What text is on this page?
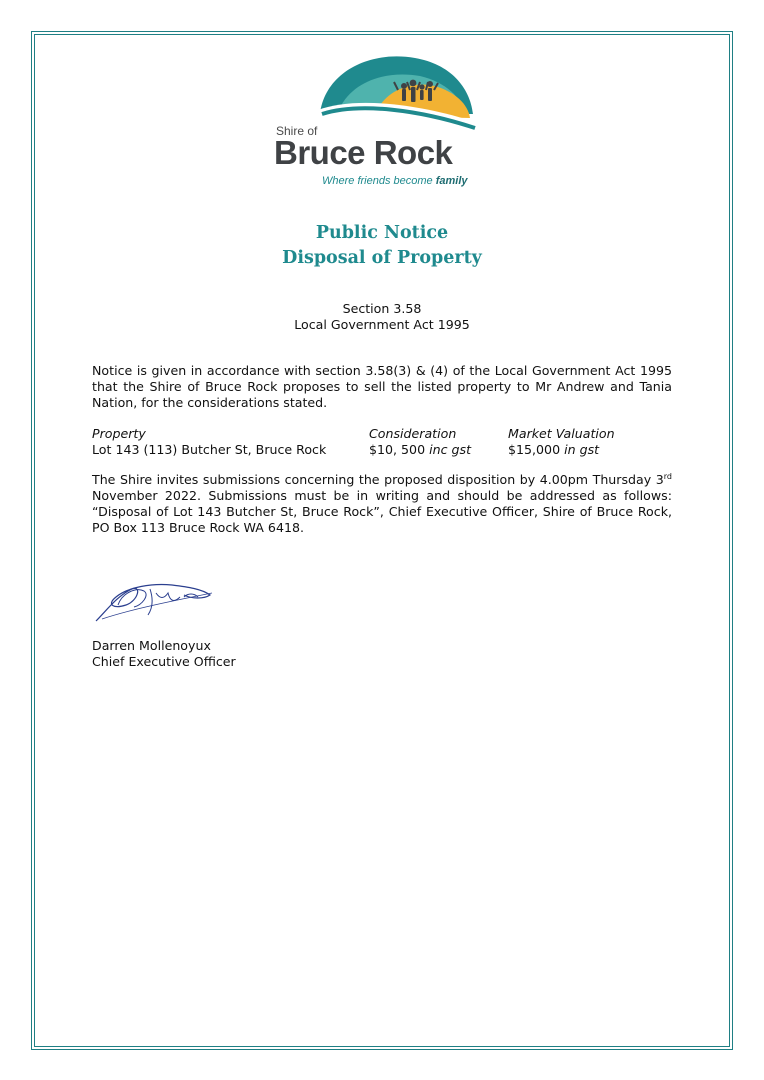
Shire of
Bruce Rock
Where friends become family
Public Notice
Disposal of Property
Section 3.58
Local Government Act 1995
Notice is given in accordance with section 3.58(3) & (4) of the Local Government Act 1995 that the Shire of Bruce Rock proposes to sell the listed property to Mr Andrew and Tania Nation, for the considerations stated.
Property	Consideration	Market Valuation
Lot 143 (113) Butcher St, Bruce Rock	$10, 500 inc gst	$15,000 in gst
The Shire invites submissions concerning the proposed disposition by 4.00pm Thursday 3rd November 2022. Submissions must be in writing and should be addressed as follows: “Disposal of Lot 143 Butcher St, Bruce Rock”, Chief Executive Officer, Shire of Bruce Rock, PO Box 113 Bruce Rock WA 6418.
Darren Mollenoyux
Chief Executive Officer
